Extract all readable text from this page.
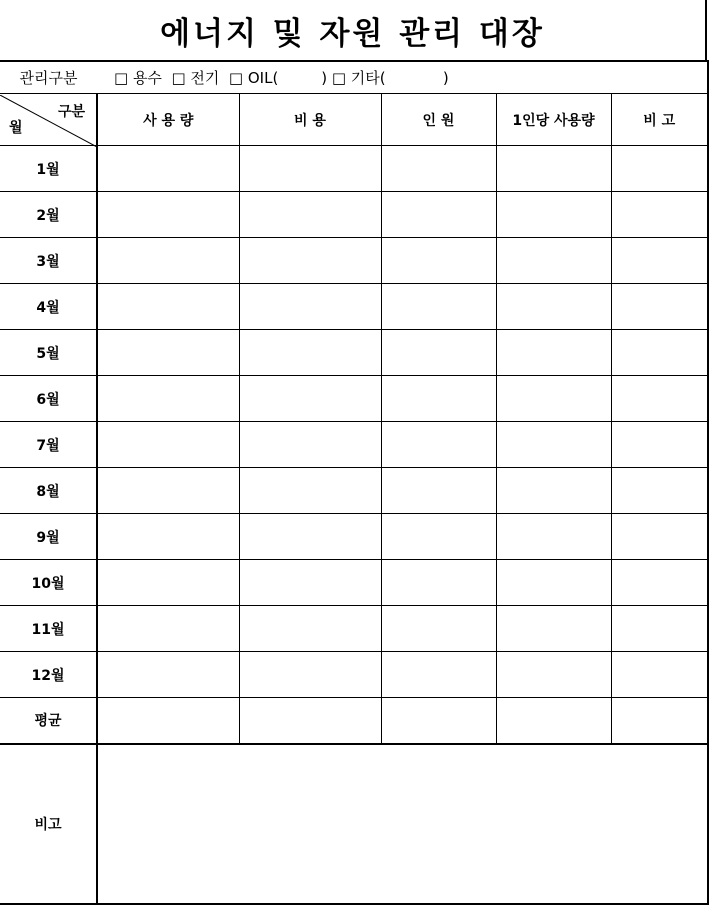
에너지 및 자원 관리 대장
관리구분	□ 용수  □ 전기  □ OIL(         ) □ 기타(            )
구분
월	사 용 량	비 용	인 원	1인당 사용량	비 고
1월					
2월					
3월					
4월					
5월					
6월					
7월					
8월					
9월					
10월					
11월					
12월					
평균					
비고					
